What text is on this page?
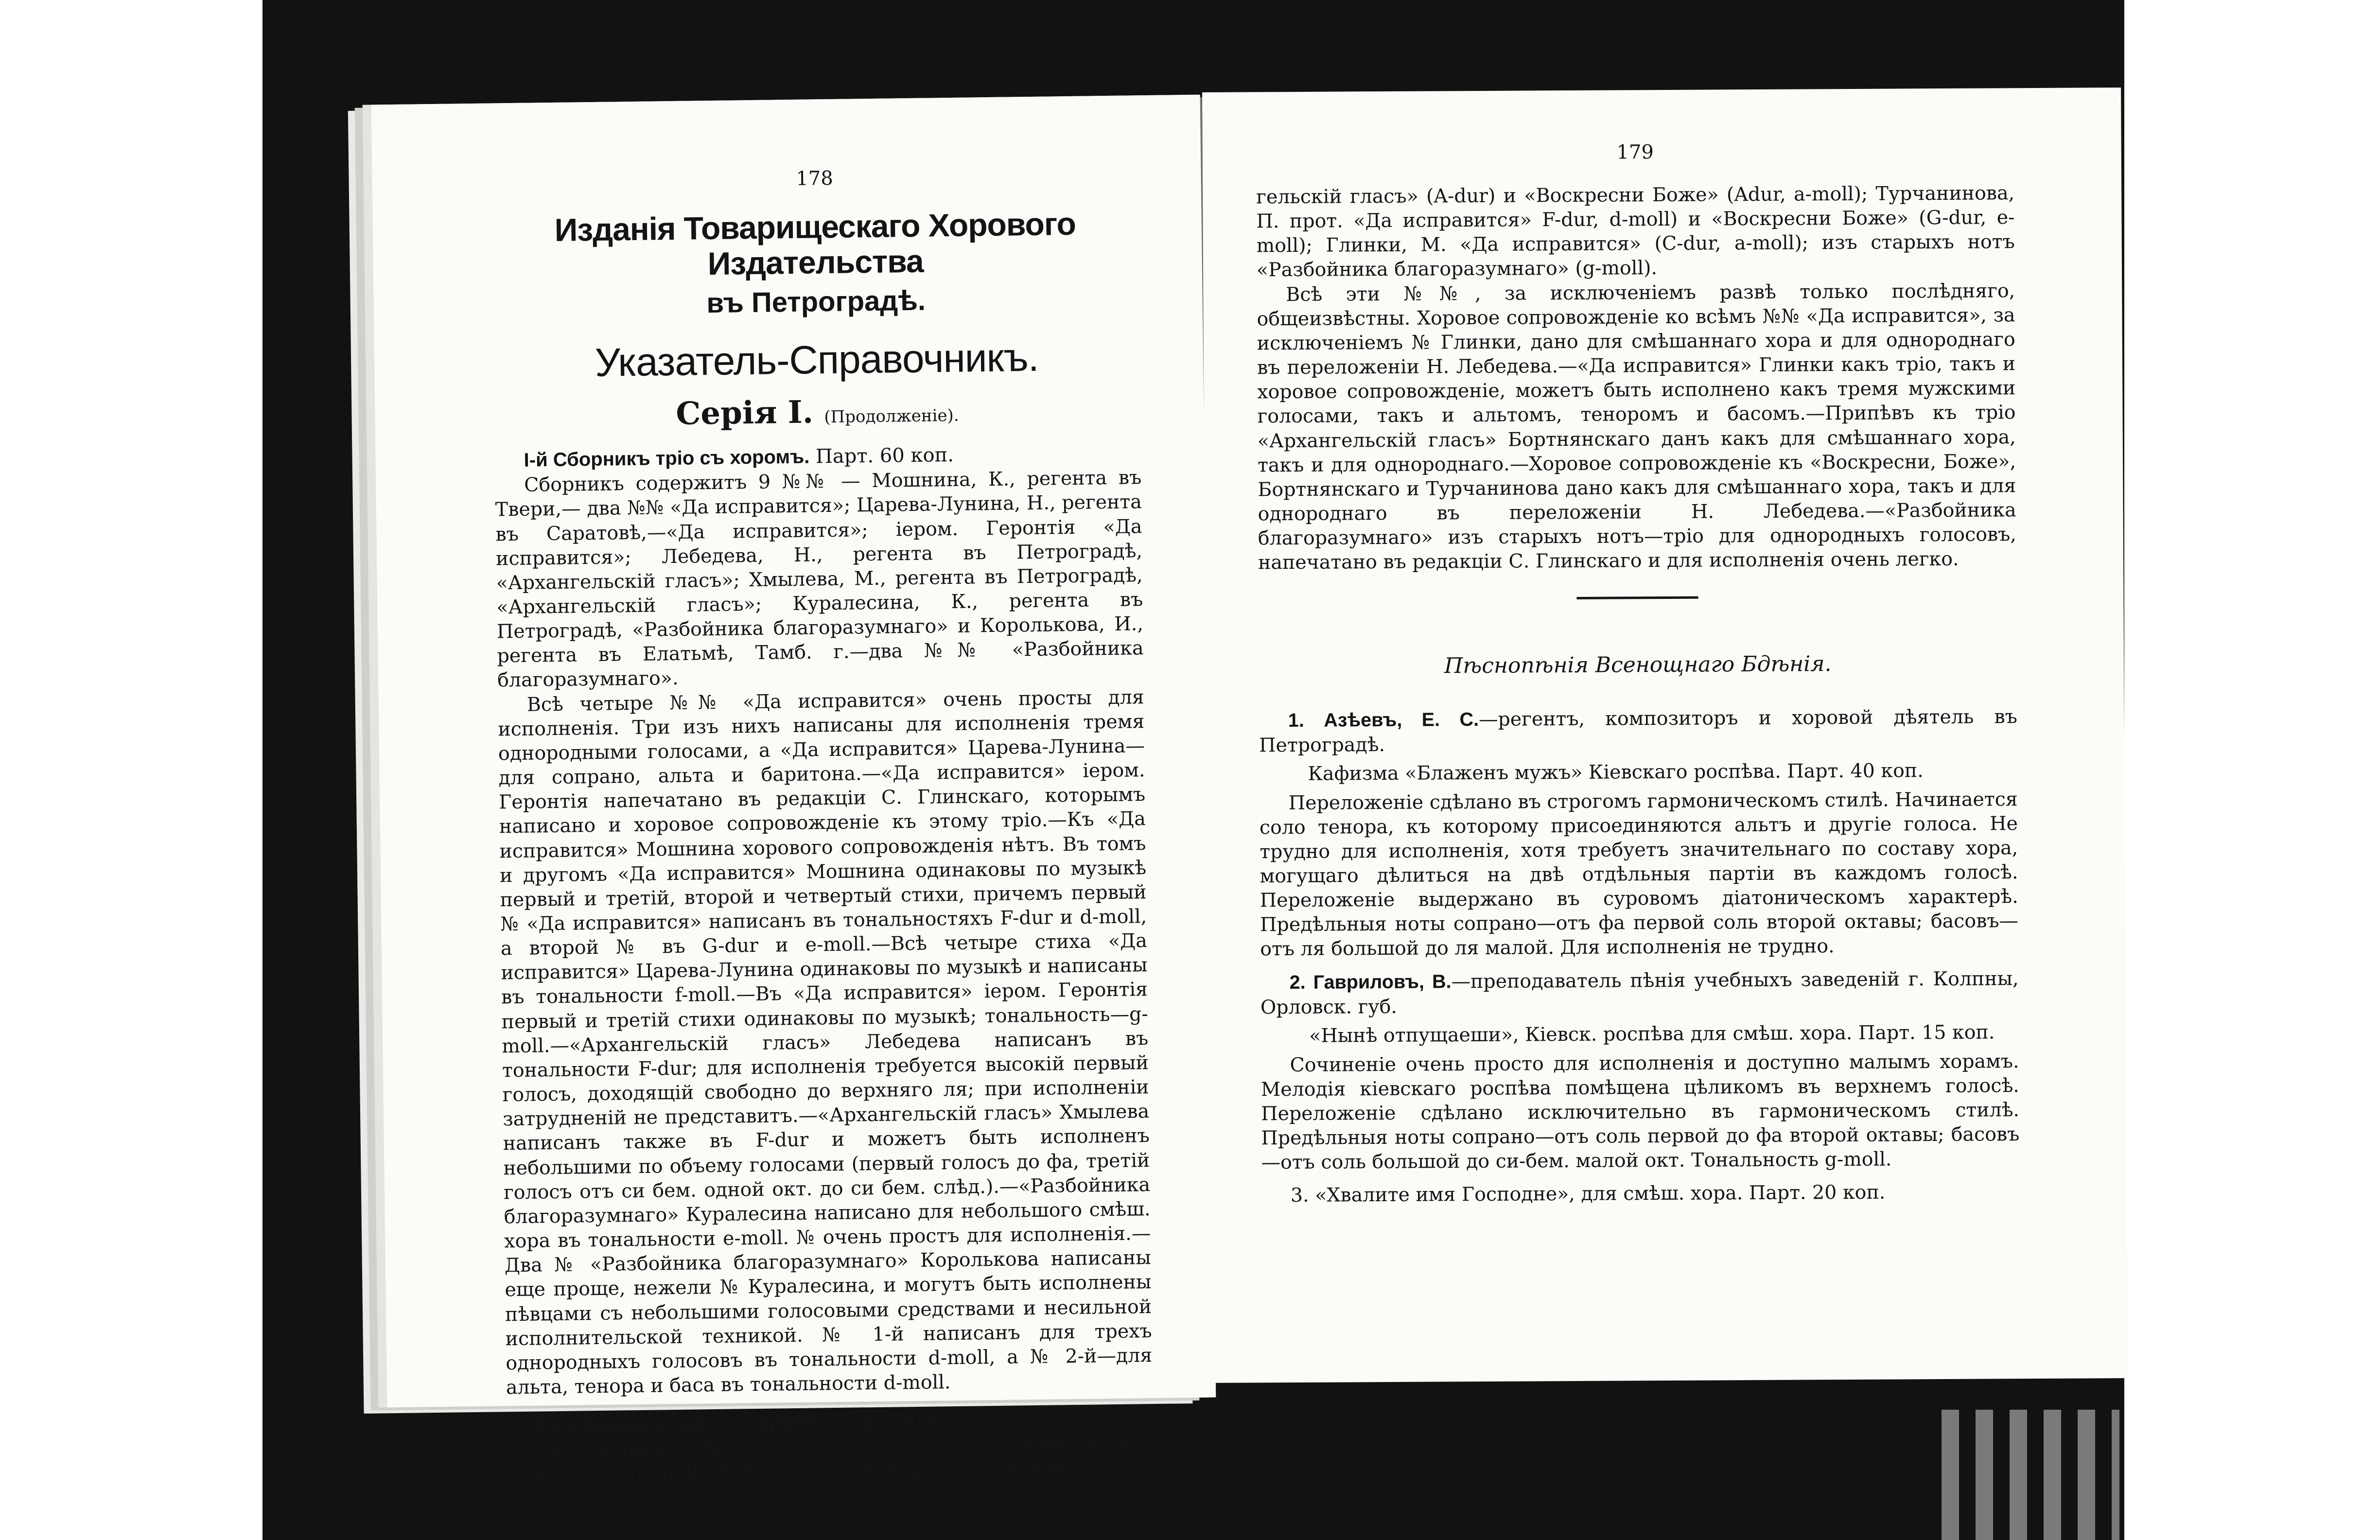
178
Изданія Товарищескаго Хорового Издательства
въ Петроградѣ.
Указатель-Справочникъ.
Серія I. (Продолженіе).
I-й Сборникъ тріо съ хоромъ. Парт. 60 коп.

Сборникъ содержитъ 9 №№ — Мошнина, К., регента въ Твери,— два №№ «Да исправится»; Царева-Лунина, Н., регента въ Саратовѣ,—«Да исправится»; іером. Геронтія «Да исправится»; Лебедева, Н., регента въ Петроградѣ, «Архангельскій гласъ»; Хмылева, М., регента въ Петроградѣ, «Архангельскій гласъ»; Куралесина, К., регента въ Петроградѣ, «Разбойника благоразумнаго» и Королькова, И., регента въ Елатьмѣ, Тамб. г.—два №№ «Разбойника благоразумнаго».

Всѣ четыре №№ «Да исправится» очень просты для исполненія. Три изъ нихъ написаны для исполненія тремя однородными голосами, а «Да исправится» Царева-Лунина—для сопрано, альта и баритона.—«Да исправится» іером. Геронтія напечатано въ редакціи С. Глинскаго, которымъ написано и хоровое сопровожденіе къ этому тріо.—Къ «Да исправится» Мошнина хорового сопровожденія нѣтъ. Въ томъ и другомъ «Да исправится» Мошнина одинаковы по музыкѣ первый и третій, второй и четвертый стихи, причемъ первый № «Да исправится» написанъ въ тональностяхъ F-dur и d-moll, а второй № въ G-dur и e-moll.—Всѣ четыре стиха «Да исправится» Царева-Лунина одинаковы по музыкѣ и написаны въ тональности f-moll.—Въ «Да исправится» іером. Геронтія первый и третій стихи одинаковы по музыкѣ; тональность—g-moll.—«Архангельскій гласъ» Лебедева написанъ въ тональности F-dur; для исполненія требуется высокій первый голосъ, доходящій свободно до верхняго ля; при исполненіи затрудненій не представитъ.—«Архангельскій гласъ» Хмылева написанъ также въ F-dur и можетъ быть исполненъ небольшими по объему голосами (первый голосъ до фа, третій голосъ отъ си бем. одной окт. до си бем. слѣд.).—«Разбойника благоразумнаго» Куралесина написано для небольшого смѣш. хора въ тональности e-moll. № очень простъ для исполненія.—Два № «Разбойника благоразумнаго» Королькова написаны еще проще, нежели № Куралесина, и могутъ быть исполнены пѣвцами съ небольшими голосовыми средствами и несильной исполнительской техникой. № 1-й написанъ для трехъ однородныхъ голосовъ въ тональности d-moll, а № 2-й—для альта, тенора и баса въ тональности d-moll.

II-й Сборникъ тріо съ хоромъ. Парт. 60 коп.

Въ сборникѣ 10 №№: Бортнянскаго Д. «Да исправится» № 1 (F-dur), № 2 (g-moll), № 3 (d-moll) и № 4 (g-moll), «Архан-

179

гельскій гласъ» (A-dur) и «Воскресни Боже» (Adur, a-moll); Турчанинова, П. прот. «Да исправится» F-dur, d-moll) и «Воскресни Боже» (G-dur, e-moll); Глинки, М. «Да исправится» (C-dur, a-moll); изъ старыхъ нотъ «Разбойника благоразумнаго» (g-moll).

Всѣ эти №№, за исключеніемъ развѣ только послѣдняго, общеизвѣстны. Хоровое сопровожденіе ко всѣмъ №№ «Да исправится», за исключеніемъ № Глинки, дано для смѣшаннаго хора и для однороднаго въ переложеніи Н. Лебедева.—«Да исправится» Глинки какъ тріо, такъ и хоровое сопровожденіе, можетъ быть исполнено какъ тремя мужскими голосами, такъ и альтомъ, теноромъ и басомъ.—Припѣвъ къ тріо «Архангельскій гласъ» Бортнянскаго данъ какъ для смѣшаннаго хора, такъ и для однороднаго.—Хоровое сопровожденіе къ «Воскресни, Боже», Бортнянскаго и Турчанинова дано какъ для смѣшаннаго хора, такъ и для однороднаго въ переложеніи Н. Лебедева.—«Разбойника благоразумнаго» изъ старыхъ нотъ—тріо для однородныхъ голосовъ, напечатано въ редакціи С. Глинскаго и для исполненія очень легко.

Пѣснопѣнія Всенощнаго Бдѣнія.

1. Азѣевъ, Е. С.—регентъ, композиторъ и хоровой дѣятель въ Петроградѣ.

Кафизма «Блаженъ мужъ» Кіевскаго роспѣва. Парт. 40 коп.

Переложеніе сдѣлано въ строгомъ гармоническомъ стилѣ. Начинается соло тенора, къ которому присоединяются альтъ и другіе голоса. Не трудно для исполненія, хотя требуетъ значительнаго по составу хора, могущаго дѣлиться на двѣ отдѣльныя партіи въ каждомъ голосѣ. Переложеніе выдержано въ суровомъ діатоническомъ характерѣ. Предѣльныя ноты сопрано—отъ фа первой соль второй октавы; басовъ—отъ ля большой до ля малой. Для исполненія не трудно.

2. Гавриловъ, В.—преподаватель пѣнія учебныхъ заведеній г. Колпны, Орловск. губ.

«Нынѣ отпущаеши», Кіевск. роспѣва для смѣш. хора. Парт. 15 коп.

Сочиненіе очень просто для исполненія и доступно малымъ хорамъ. Мелодія кіевскаго роспѣва помѣщена цѣликомъ въ верхнемъ голосѣ. Переложеніе сдѣлано исключительно въ гармоническомъ стилѣ. Предѣльныя ноты сопрано—отъ соль первой до фа второй октавы; басовъ—отъ соль большой до си-бем. малой окт. Тональность g-moll.

3. «Хвалите имя Господне», для смѣш. хора. Парт. 20 коп.
